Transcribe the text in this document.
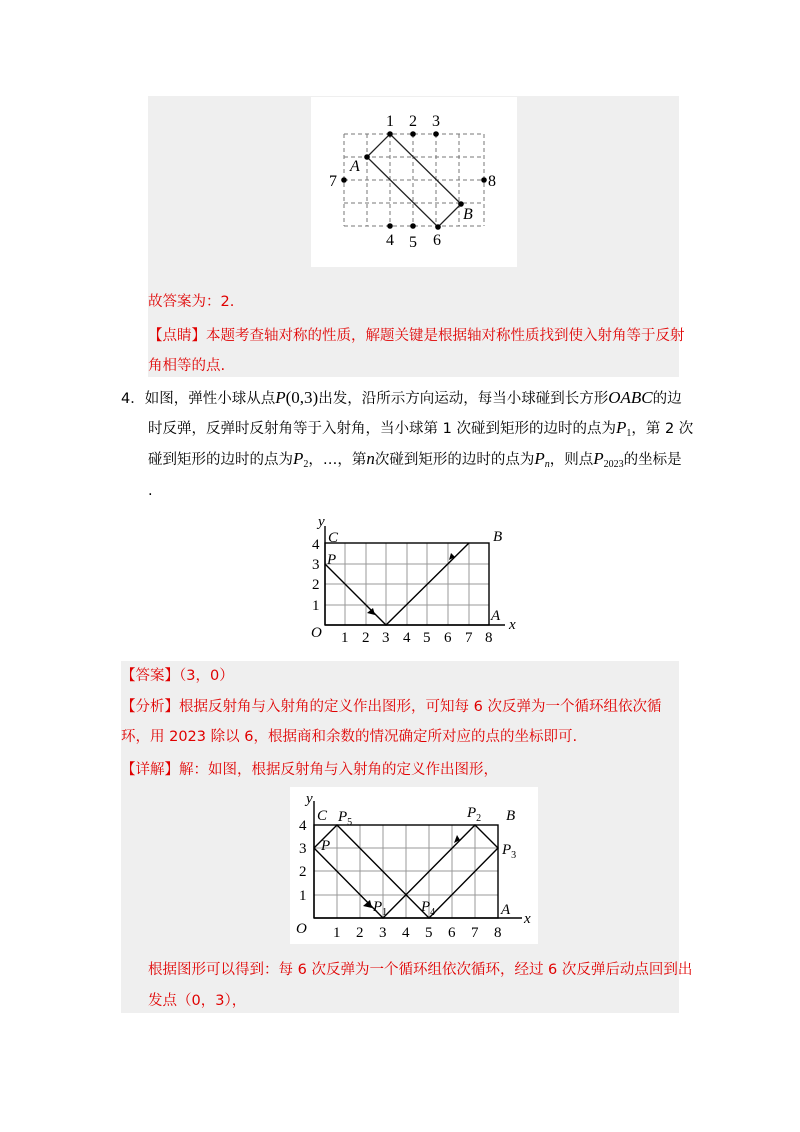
1 2 3
4 5 6
7	8
A
B
故答案为：2.
【点睛】本题考查轴对称的性质，解题关键是根据轴对称性质找到使入射角等于反射
角相等的点.
4．如图，弹性小球从点P(0,3)出发，沿所示方向运动，每当小球碰到长方形OABC的边
时反弹，反弹时反射角等于入射角，当小球第 1 次碰到矩形的边时的点为$P_1$，第 2 次
碰到矩形的边时的点为$P_2$，…，第n次碰到矩形的边时的点为$P_n$，则点$P_{2023}$的坐标是
.
y
x
O
C	B
A
P
1 2 3 4 5 6 7 8
1
2
3
4
【答案】（3，0）
【分析】根据反射角与入射角的定义作出图形，可知每 6 次反弹为一个循环组依次循
环，用 2023 除以 6，根据商和余数的情况确定所对应的点的坐标即可.
【详解】解：如图，根据反射角与入射角的定义作出图形，
y
x
O
C	B
A
P
$P_5$
$P_2$
$P_3$
$P_1$ $P_4$
1 2 3 4 5 6 7 8
1
2
3
4
根据图形可以得到：每 6 次反弹为一个循环组依次循环，经过 6 次反弹后动点回到出
发点（0，3），
